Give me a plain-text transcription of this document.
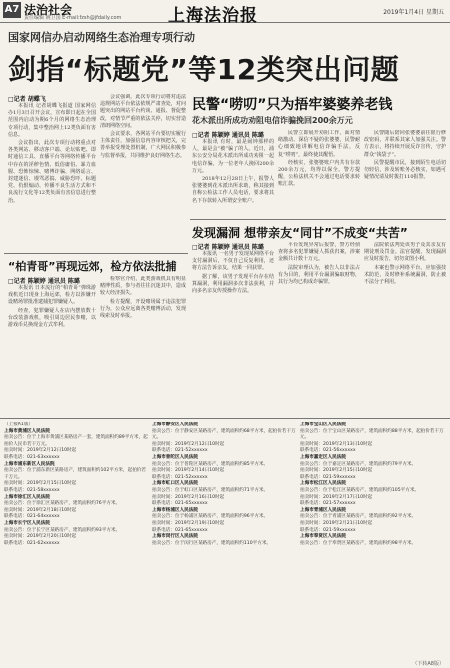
A7 法治社会
责任编辑 姚卫国 E-mail:fzsh@jfdaily.com	上海法治报	2019年1月4日 星期五
国家网信办启动网络生态治理专项行动
剑指“标题党”等12类突出问题
□记者 胡蝶飞

本报讯 记者胡蝶飞报道 国家网信办1月3日召开会议，宣布即日起在全国范围内启动为期6个月的网络生态治理专项行动，集中整治网上12类负面有害信息。

会议指出，此次专项行动将重点对各类网站、移动客户端、论坛贴吧、即时通信工具、直播平台等网络传播平台中存在的淫秽色情、低俗庸俗、暴力血腥、恐怖惊悚、赌博诈骗、网络谣言、封建迷信、谩骂恶搞、威胁恐吓、标题党、仇恨煽动、传播不良生活方式和不良流行文化等12类负面有害信息进行整治。

会议强调，此次专项行动将对违法违规网站平台依法依规严肃查处，对问题突出的网站平台约谈、通报、督促整改，对情节严重的依法关停，切实营造清朗网络空间。

会议要求，各网站平台要切实履行主体责任，加强信息内容审核把关，完善举报受理处置机制，广大网民积极参与监督举报，共同维护良好网络生态。

民警“唠叨”只为捂牢婆婆养老钱
花木派出所成功劝阻电信诈骗挽回200余万元
□记者 陈颖婷 通讯员 陈璐

本报讯 有时，最是闹钟那样的人，最是会“被”骗了的人。近日，浦东公安分局花木派出所成功劝阻一起电信诈骗，为一位老年人挽回200余万元。

2018年12月28日上午，报警人张婆婆到花木派出所求助，称其接到自称公检法工作人员电话，要求将其名下存款转入所谓安全账户。

民警立即展开劝阻工作，面对情绪激动、深信不疑的张婆婆，民警耐心细致地讲解电信诈骗手法，反复“唠叨”，最终使其醒悟。

经核实，张婆婆账户内共有存款200余万元，均得以保全。警方提醒，公检法机关不会通过电话要求转账汇款。

民警随后陪同张婆婆前往银行修改密码，并联系其家人加强关注。警方表示，将持续开展反诈宣传，守护群众“钱袋子”。

民警提醒市民，接到陌生电话切勿轻信，涉及转账务必核实，如遇可疑情况请及时拨打110报警。

发现漏洞 想带亲友“同甘”不成变“共苦”
□记者 陈颖婷 通讯员 陈璐

本报讯 一名男子发现某网络平台支付漏洞后，不仅自己反复利用，还将方法告诉亲友，结果一同获罪。

据了解，该男子发现平台存在结算漏洞，利用漏洞多次非法获利，并向多名亲友传授操作方法。

平台发现异常后报警，警方经侦查将多名犯罪嫌疑人抓获归案，涉案金额共计数十万元。

法院审理认为，被告人以非法占有为目的，利用平台漏洞骗取财物，其行为均已构成诈骗罪。

法院依法判处该男子及其亲友有期徒刑及罚金。法官提醒，发现漏洞应及时报告，切勿贪图小利。

本案也警示网络平台，应加强技术防范，及时修补系统漏洞，防止被不法分子利用。

“柏青哥”再现远郊，检方依法批捕
□记者 陈颖婷 通讯员 陈璐

本报讯 日本流行的“柏青哥”弹珠游戏机近日现身上海远郊，检方以涉嫌开设赌场罪批准逮捕犯罪嫌疑人。

经查，犯罪嫌疑人在店内摆放数十台改装游戏机，吸引周边居民参赌，以游戏币兑换现金方式牟利。

检察官介绍，此类游戏机具有明显赌博性质，参与者往往沉迷其中，造成较大经济损失。

检方提醒，开设赌场属于违法犯罪行为，公众应远离各类赌博活动，发现线索及时举报。

（上接A1版）
上海市黄浦区人民法院
拍卖公告：位于上海市黄浦区某路房产一套，建筑面积约89平方米，起拍价人民币若干万元。
拍卖时间：2019年2月12日10时起
联系电话：021-63xxxxxx
上海市浦东新区人民法院
拍卖公告：位于浦东新区某路房产，建筑面积约102平方米，起拍价若干万元。
拍卖时间：2019年2月15日10时起
联系电话：021-58xxxxxx
上海市徐汇区人民法院
拍卖公告：位于徐汇区某路房产，建筑面积约76平方米。
拍卖时间：2019年2月18日10时起
联系电话：021-64xxxxxx
上海市长宁区人民法院
拍卖公告：位于长宁区某路房产，建筑面积约93平方米。
拍卖时间：2019年2月20日10时起
联系电话：021-62xxxxxx
上海市静安区人民法院
拍卖公告：位于静安区某路房产，建筑面积约68平方米，起拍价若干万元。
拍卖时间：2019年2月12日10时起
联系电话：021-52xxxxxx
上海市普陀区人民法院
拍卖公告：位于普陀区某路房产，建筑面积约85平方米。
拍卖时间：2019年2月14日10时起
联系电话：021-52xxxxxx
上海市虹口区人民法院
拍卖公告：位于虹口区某路房产，建筑面积约71平方米。
拍卖时间：2019年2月16日10时起
联系电话：021-65xxxxxx
上海市杨浦区人民法院
拍卖公告：位于杨浦区某路房产，建筑面积约96平方米。
拍卖时间：2019年2月19日10时起
联系电话：021-65xxxxxx
上海市闵行区人民法院
拍卖公告：位于闵行区某路房产，建筑面积约110平方米。
上海市宝山区人民法院
拍卖公告：位于宝山区某路房产，建筑面积约88平方米，起拍价若干万元。
拍卖时间：2019年2月13日10时起
联系电话：021-56xxxxxx
上海市嘉定区人民法院
拍卖公告：位于嘉定区某路房产，建筑面积约79平方米。
拍卖时间：2019年2月15日10时起
联系电话：021-59xxxxxx
上海市松江区人民法院
拍卖公告：位于松江区某路房产，建筑面积约105平方米。
拍卖时间：2019年2月17日10时起
联系电话：021-57xxxxxx
上海市青浦区人民法院
拍卖公告：位于青浦区某路房产，建筑面积约92平方米。
拍卖时间：2019年2月21日10时起
联系电话：021-59xxxxxx
上海市奉贤区人民法院
拍卖公告：位于奉贤区某路房产，建筑面积约98平方米。
（下转A8版）
